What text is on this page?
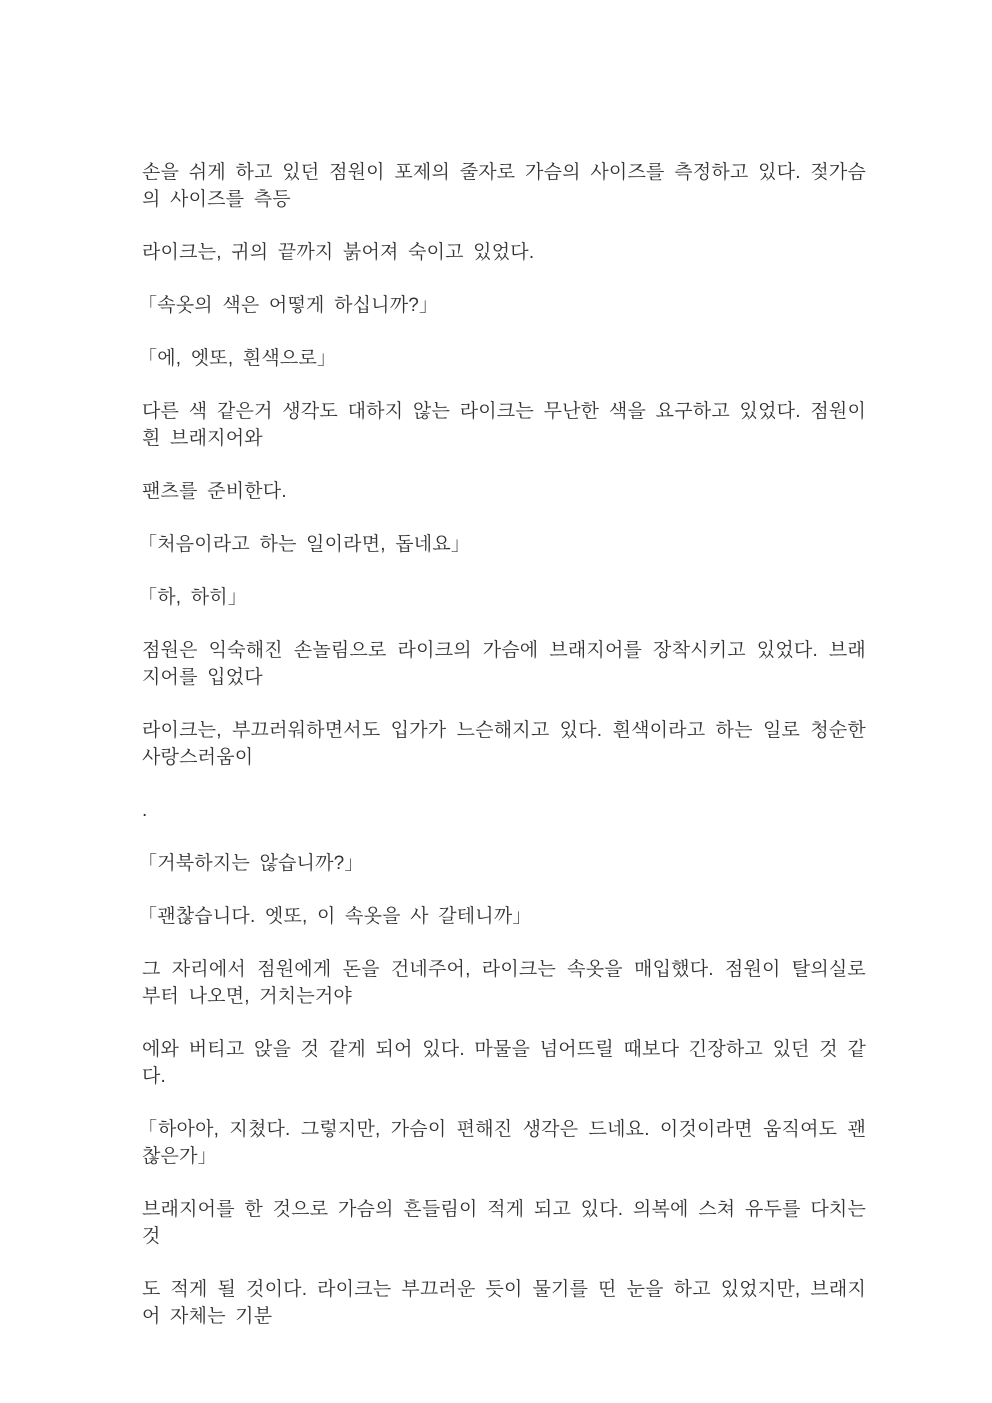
손을 쉬게 하고 있던 점원이 포제의 줄자로 가슴의 사이즈를 측정하고 있다. 젖가슴의 사이즈를 측등

라이크는, 귀의 끝까지 붉어져 숙이고 있었다.

「속옷의 색은 어떻게 하십니까?」

「에, 엣또, 흰색으로」

다른 색 같은거 생각도 대하지 않는 라이크는 무난한 색을 요구하고 있었다. 점원이 흰 브래지어와

팬츠를 준비한다.

「처음이라고 하는 일이라면, 돕네요」

「하, 하히」

점원은 익숙해진 손놀림으로 라이크의 가슴에 브래지어를 장착시키고 있었다. 브래지어를 입었다

라이크는, 부끄러워하면서도 입가가 느슨해지고 있다. 흰색이라고 하는 일로 청순한 사랑스러움이

.

「거북하지는 않습니까?」

「괜찮습니다. 엣또, 이 속옷을 사 갈테니까」

그 자리에서 점원에게 돈을 건네주어, 라이크는 속옷을 매입했다. 점원이 탈의실로부터 나오면, 거치는거야

에와 버티고 앉을 것 같게 되어 있다. 마물을 넘어뜨릴 때보다 긴장하고 있던 것 같다.

「하아아, 지쳤다. 그렇지만, 가슴이 편해진 생각은 드네요. 이것이라면 움직여도 괜찮은가」

브래지어를 한 것으로 가슴의 흔들림이 적게 되고 있다. 의복에 스쳐 유두를 다치는 것

도 적게 될 것이다. 라이크는 부끄러운 듯이 물기를 띤 눈을 하고 있었지만, 브래지어 자체는 기분
